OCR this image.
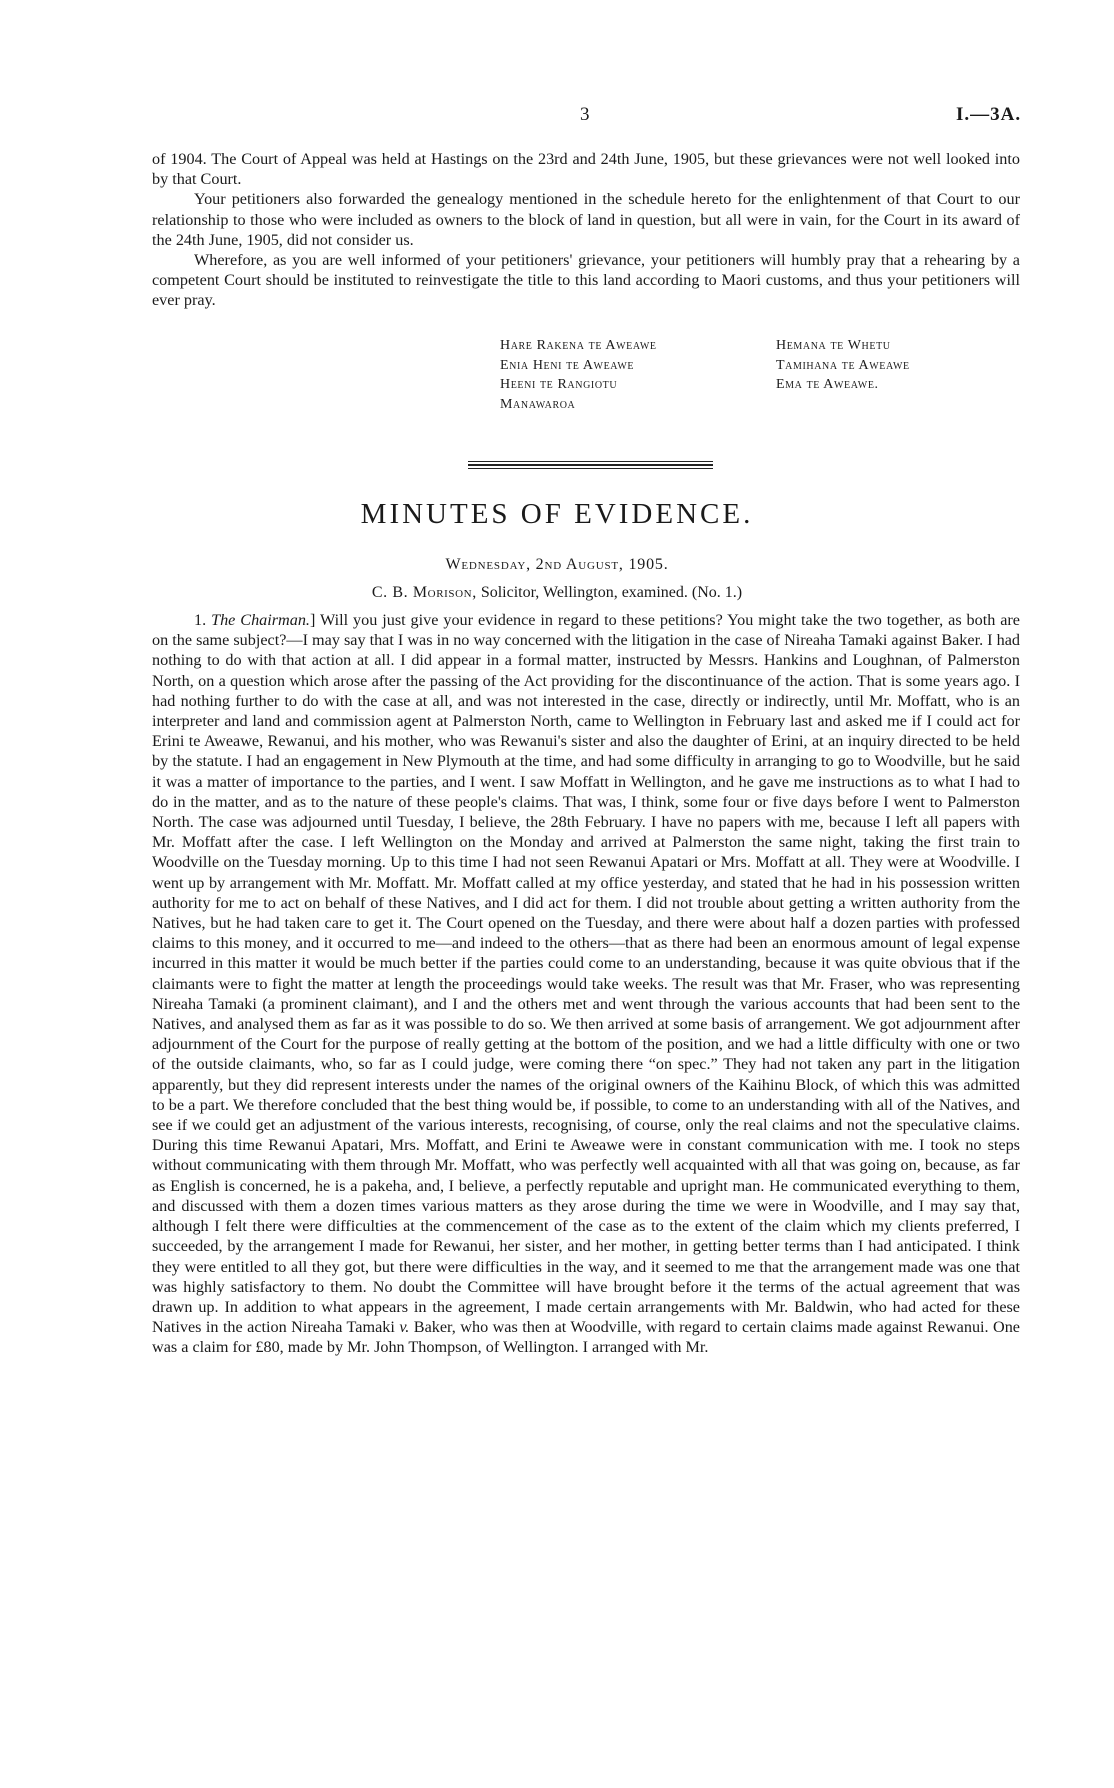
3	I.—3A.

of 1904. The Court of Appeal was held at Hastings on the 23rd and 24th June, 1905, but these grievances were not well looked into by that Court.

Your petitioners also forwarded the genealogy mentioned in the schedule hereto for the enlightenment of that Court to our relationship to those who were included as owners to the block of land in question, but all were in vain, for the Court in its award of the 24th June, 1905, did not consider us.

Wherefore, as you are well informed of your petitioners' grievance, your petitioners will humbly pray that a rehearing by a competent Court should be instituted to reinvestigate the title to this land according to Maori customs, and thus your petitioners will ever pray.

Hare Rakena te Aweawe
Enia Heni te Aweawe
Heeni te Rangiotu
Manawaroa
Hemana te Whetu
Tamihana te Aweawe
Ema te Aweawe.
MINUTES OF EVIDENCE.
Wednesday, 2nd August, 1905.
C. B. Morison, Solicitor, Wellington, examined. (No. 1.)

1. The Chairman.] Will you just give your evidence in regard to these petitions? You might take the two together, as both are on the same subject?—I may say that I was in no way concerned with the litigation in the case of Nireaha Tamaki against Baker. I had nothing to do with that action at all. I did appear in a formal matter, instructed by Messrs. Hankins and Loughnan, of Palmerston North, on a question which arose after the passing of the Act providing for the discontinuance of the action. That is some years ago. I had nothing further to do with the case at all, and was not interested in the case, directly or indirectly, until Mr. Moffatt, who is an interpreter and land and commission agent at Palmerston North, came to Wellington in February last and asked me if I could act for Erini te Aweawe, Rewanui, and his mother, who was Rewanui's sister and also the daughter of Erini, at an inquiry directed to be held by the statute. I had an engagement in New Plymouth at the time, and had some difficulty in arranging to go to Woodville, but he said it was a matter of importance to the parties, and I went. I saw Moffatt in Wellington, and he gave me instructions as to what I had to do in the matter, and as to the nature of these people's claims. That was, I think, some four or five days before I went to Palmerston North. The case was adjourned until Tuesday, I believe, the 28th February. I have no papers with me, because I left all papers with Mr. Moffatt after the case. I left Wellington on the Monday and arrived at Palmerston the same night, taking the first train to Woodville on the Tuesday morning. Up to this time I had not seen Rewanui Apatari or Mrs. Moffatt at all. They were at Woodville. I went up by arrangement with Mr. Moffatt. Mr. Moffatt called at my office yesterday, and stated that he had in his possession written authority for me to act on behalf of these Natives, and I did act for them. I did not trouble about getting a written authority from the Natives, but he had taken care to get it. The Court opened on the Tuesday, and there were about half a dozen parties with professed claims to this money, and it occurred to me—and indeed to the others—that as there had been an enormous amount of legal expense incurred in this matter it would be much better if the parties could come to an understanding, because it was quite obvious that if the claimants were to fight the matter at length the proceedings would take weeks. The result was that Mr. Fraser, who was representing Nireaha Tamaki (a prominent claimant), and I and the others met and went through the various accounts that had been sent to the Natives, and analysed them as far as it was possible to do so. We then arrived at some basis of arrangement. We got adjournment after adjournment of the Court for the purpose of really getting at the bottom of the position, and we had a little difficulty with one or two of the outside claimants, who, so far as I could judge, were coming there “on spec.” They had not taken any part in the litigation apparently, but they did represent interests under the names of the original owners of the Kaihinu Block, of which this was admitted to be a part. We therefore concluded that the best thing would be, if possible, to come to an understanding with all of the Natives, and see if we could get an adjustment of the various interests, recognising, of course, only the real claims and not the speculative claims. During this time Rewanui Apatari, Mrs. Moffatt, and Erini te Aweawe were in constant communication with me. I took no steps without communicating with them through Mr. Moffatt, who was perfectly well acquainted with all that was going on, because, as far as English is concerned, he is a pakeha, and, I believe, a perfectly reputable and upright man. He communicated everything to them, and discussed with them a dozen times various matters as they arose during the time we were in Woodville, and I may say that, although I felt there were difficulties at the commencement of the case as to the extent of the claim which my clients preferred, I succeeded, by the arrangement I made for Rewanui, her sister, and her mother, in getting better terms than I had anticipated. I think they were entitled to all they got, but there were difficulties in the way, and it seemed to me that the arrangement made was one that was highly satisfactory to them. No doubt the Committee will have brought before it the terms of the actual agreement that was drawn up. In addition to what appears in the agreement, I made certain arrangements with Mr. Baldwin, who had acted for these Natives in the action Nireaha Tamaki v. Baker, who was then at Woodville, with regard to certain claims made against Rewanui. One was a claim for £80, made by Mr. John Thompson, of Wellington. I arranged with Mr.
